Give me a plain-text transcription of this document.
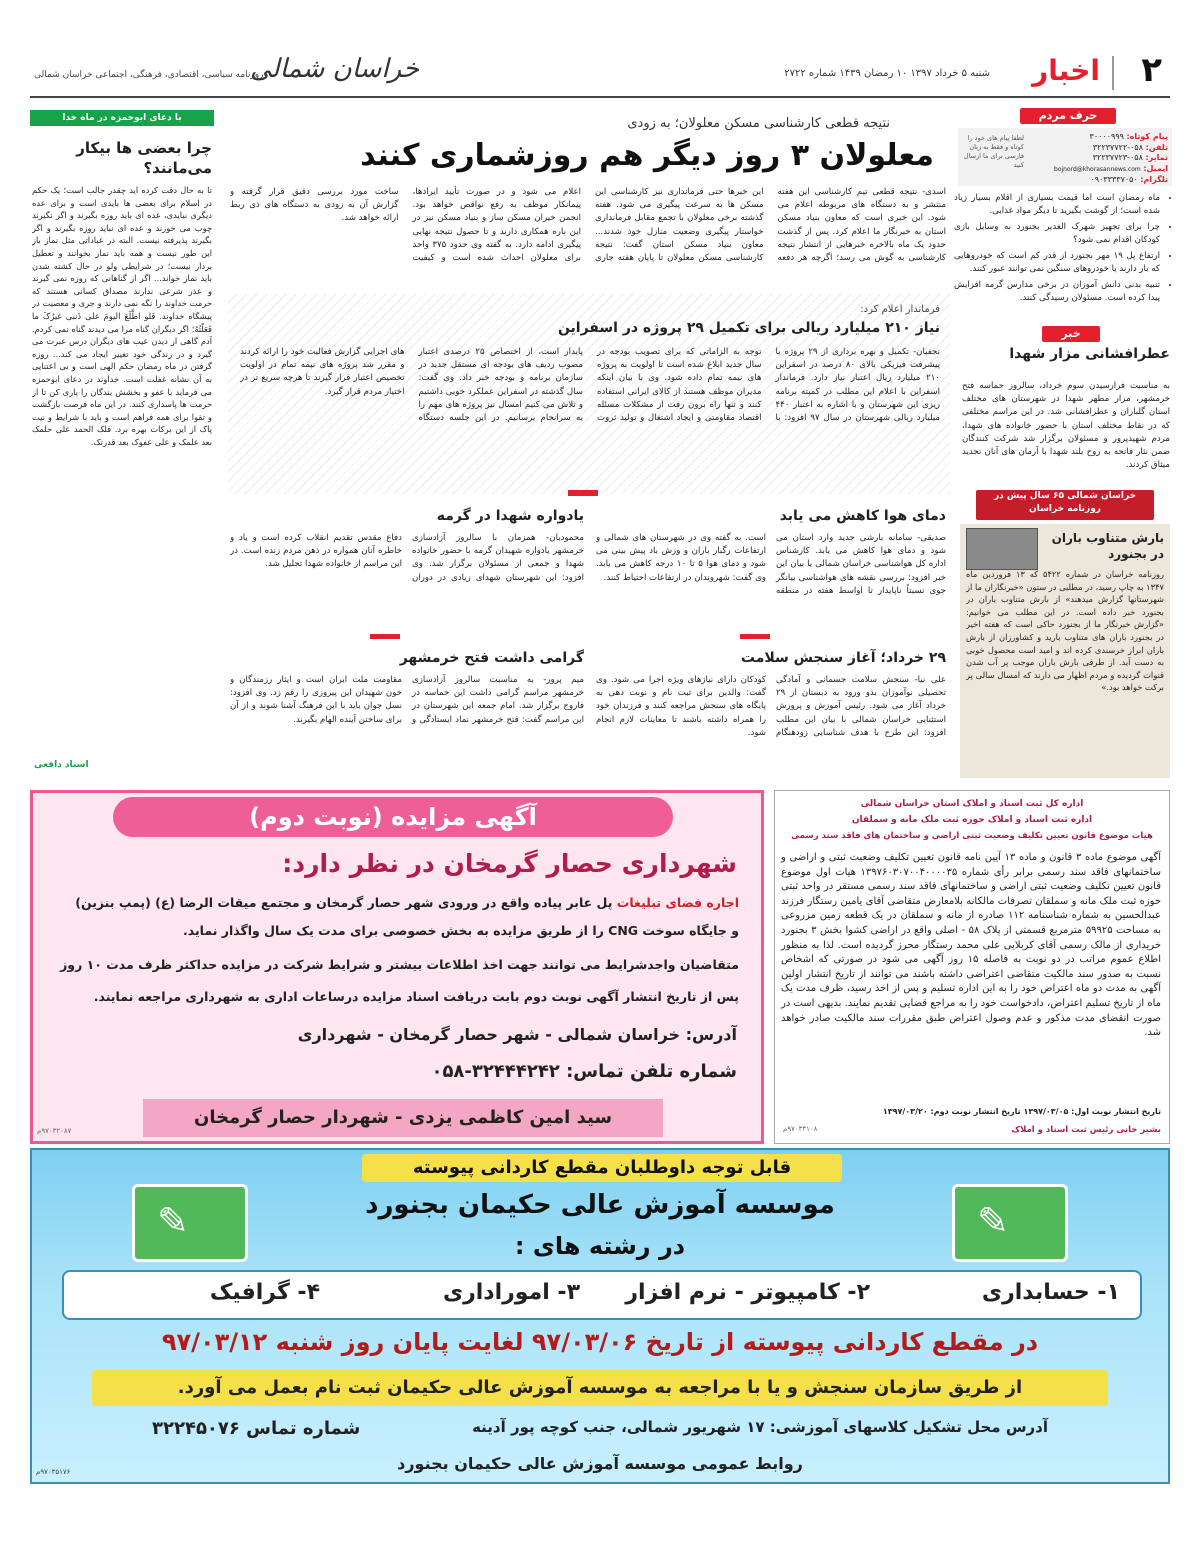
۲
اخبار
شنبه ۵ خرداد ۱۳۹۷ ۱۰ رمضان ۱۴۳۹ شماره ۲۷۲۲
خراسان شمالی
روزنامه سیاسی، اقتصادی، فرهنگی، اجتماعی خراسان شمالی
حرف مردم
پیام کوتاه: ۳۰۰۰۰۹۹۹
تلفن: ۰۵۸-۳۲۲۳۷۷۲۲
تمابر: ۰۵۸-۳۲۲۳۷۷۲۳
ایمیل: bojnord@khorasannews.com
تلگرام: ۰۹۰۳۳۳۳۷۰۵۰
لطفا پیام های خود را کوتاه و فقط به زبان فارسی برای ما ارسال کنید
• ماه رمضان است اما قیمت بسیاری از اقلام بسیار زیاد شده است؛ از گوشت بگیرید تا دیگر مواد غذایی.
• چرا برای تجهیز شهرک الغدیر بجنورد به وسایل بازی کودکان اقدام نمی شود؟
• ارتفاع پل ۱۹ مهر بجنورد از قدر کم است که خودروهایی که بار دارند یا خودروهای سنگین نمی توانند عبور کنند.
• تنبیه بدنی دانش آموزان در برخی مدارس گرمه افزایش پیدا کرده است. مسئولان رسیدگی کنند.
خبر
عطرافشانی مزار شهدا
به مناسبت فرارسیدن سوم خرداد، سالروز حماسه فتح خرمشهر، مزار مطهر شهدا در شهرستان های مختلف استان گلباران و عطرافشانی شد. در این مراسم مختلفی که در نقاط مختلف استان با حضور خانواده های شهدا، مردم شهیدپرور و مسئولان برگزار شد شرکت کنندگان ضمن نثار فاتحه به روح بلند شهدا با آرمان های آنان تجدید میثاق کردند.
خراسان شمالی ۶۵ سال پیش در روزنامه خراسان
بارش متناوب باران در بجنورد
روزنامه خراسان در شماره ۵۴۲۲ که ۱۳ فروردین ماه ۱۳۴۷ به چاپ رسید، در مطلبی در ستون «خبرنگاران ما از شهرستانها گزارش میدهند» از بارش متناوب باران در بجنورد خبر داده است. در این مطلب می خوانیم: «گزارش خبرنگار ما از بجنورد حاکی است که هفته اخیر در بجنورد باران های متناوب بارید و کشاورزان از بارش باران ابراز خرسندی کرده اند و امید است محصول خوبی به دست آید. از طرفی بارش باران موجب پر آب شدن قنوات گردیده و مردم اظهار می دارند که امسال سالی پر برکت خواهد بود.»
با دعای ابوحمزه در ماه خدا
چرا بعضی ها بیکار می‌مانند؟
تا به حال دقت کرده اید چقدر جالب است؛ یک حکم در اسلام برای بعضی ها بایدی است و برای عده دیگری نبایدی، عده ای باید روزه بگیرند و اگر نگیرند چوب می خورند و عده ای نباید روزه بگیرند و اگر بگیرند پذیرفته نیست. البته در عباداتی مثل نماز باز این طور نیست و همه باید نماز بخوانند و تعطیل بردار نیست؛ در شرایطی ولو در حال کشته شدن باید نماز خواند... اگر از گناهانی که روزه نمی گیرند و عذر شرعی ندارند مصداق کسانی هستند که حرمت خداوند را نگه نمی دارند و جری و معصیت در پیشگاه خداوند. فَلو اطَّلَعَ الیومَ علی ذَنبی غیرُکَ ما فَعَلْتُهُ؛ اگر دیگران گناه مرا می دیدند گناه نمی کردم. آدم گاهی از دیدن عیب های دیگران درس عبرت می گیرد و در زندگی خود تغییر ایجاد می کند... روزه گرفتن در ماه رمضان حکم الهی است و بی اعتنایی به آن نشانه غفلت است. خداوند در دعای ابوحمزه می فرماید با عفو و بخشش بندگان را یاری کن تا از حرمت ها پاسداری کنند. در این ماه فرصت بازگشت و تقوا برای همه فراهم است و باید با شرایط و نیت پاک از این برکات بهره برد. فلک الحمد علی حلمک بعد علمک و علی عفوک بعد قدرتک.
استاد دافعی
نتیجه قطعی کارشناسی مسکن معلولان؛ به زودی
معلولان ۳ روز دیگر هم روزشماری کنند
اسدی- نتیجه قطعی تیم کارشناسی این هفته منتشر و به دستگاه های مربوطه اعلام می شود. این خبری است که معاون بنیاد مسکن استان به خبرنگار ما اعلام کرد. پس از گذشت حدود یک ماه بالاخره خبرهایی از انتشار نتیجه کارشناسی به گوش می رسد؛ اگرچه هر دفعه این خبرها حتی فرمانداری نیز کارشناسی این مسکن ها به سرعت پیگیری می شود. هفته گذشته برخی معلولان با تجمع مقابل فرمانداری خواستار پیگیری وضعیت منازل خود شدند... معاون بنیاد مسکن استان گفت: نتیجه کارشناسی مسکن معلولان تا پایان هفته جاری اعلام می شود و در صورت تأیید ایرادها، پیمانکار موظف به رفع نواقص خواهد بود. انجمن خیران مسکن ساز و بنیاد مسکن نیز در این باره همکاری دارند و تا حصول نتیجه نهایی پیگیری ادامه دارد. به گفته وی حدود ۳۷۵ واحد برای معلولان احداث شده است و کیفیت ساخت مورد بررسی دقیق قرار گرفته و گزارش آن به زودی به دستگاه های ذی ربط ارائه خواهد شد.
فرماندار اعلام کرد:
نیاز ۲۱۰ میلیارد ریالی برای تکمیل ۲۹ پروژه در اسفراین
نجفیان- تکمیل و بهره برداری از ۲۹ پروژه با پیشرفت فیزیکی بالای ۸۰ درصد در اسفراین ۲۱۰ میلیارد ریال اعتبار نیاز دارد. فرماندار اسفراین با اعلام این مطلب در کمیته برنامه ریزی این شهرستان و با اشاره به اعتبار ۴۴۰ میلیارد ریالی شهرستان در سال ۹۷ افزود: با توجه به الزاماتی که برای تصویب بودجه در سال جدید ابلاغ شده است تا اولویت به پروژه های نیمه تمام داده شود. وی با بیان اینکه مدیران موظف هستند از کالای ایرانی استفاده کنند و تنها راه برون رفت از مشکلات مسئله اقتصاد مقاومتی و ایجاد اشتغال و تولید ثروت پایدار است، از اختصاص ۲۵ درصدی اعتبار مصوب ردیف های بودجه ای مستقل جدید در سازمان برنامه و بودجه خبر داد. وی گفت: سال گذشته در اسفراین عملکرد خوبی داشتیم و تلاش می کنیم امسال نیز پروژه های مهم را به سرانجام برسانیم. در این جلسه دستگاه های اجرایی گزارش فعالیت خود را ارائه کردند و مقرر شد پروژه های نیمه تمام در اولویت تخصیص اعتبار قرار گیرند تا هرچه سریع تر در اختیار مردم قرار گیرد.
دمای هوا کاهش می یابد
صدیقی- سامانه بارشی جدید وارد استان می شود و دمای هوا کاهش می یابد. کارشناس اداره کل هواشناسی خراسان شمالی با بیان این خبر افزود: بررسی نقشه های هواشناسی بیانگر جوی نسبتاً ناپایدار تا اواسط هفته در منطقه است. به گفته وی در شهرستان های شمالی و ارتفاعات رگبار باران و وزش باد پیش بینی می شود و دمای هوا ۵ تا ۱۰ درجه کاهش می یابد. وی گفت: شهروندان در ارتفاعات احتیاط کنند.
یادواره شهدا در گرمه
محمودیان- همزمان با سالروز آزادسازی خرمشهر یادواره شهیدان گرمه با حضور خانواده شهدا و جمعی از مسئولان برگزار شد. وی افزود: این شهرستان شهدای زیادی در دوران دفاع مقدس تقدیم انقلاب کرده است و یاد و خاطره آنان همواره در ذهن مردم زنده است. در این مراسم از خانواده شهدا تجلیل شد.
۲۹ خرداد؛ آغاز سنجش سلامت
علی نیا- سنجش سلامت جسمانی و آمادگی تحصیلی نوآموزان بدو ورود به دبستان از ۲۹ خرداد آغاز می شود. رئیس آموزش و پرورش استثنایی خراسان شمالی با بیان این مطلب افزود: این طرح با هدف شناسایی زودهنگام کودکان دارای نیازهای ویژه اجرا می شود. وی گفت: والدین برای ثبت نام و نوبت دهی به پایگاه های سنجش مراجعه کنند و فرزندان خود را همراه داشته باشند تا معاینات لازم انجام شود.
گرامی داشت فتح خرمشهر
میم پرور- به مناسبت سالروز آزادسازی خرمشهر مراسم گرامی داشت این حماسه در فاروج برگزار شد. امام جمعه این شهرستان در این مراسم گفت: فتح خرمشهر نماد ایستادگی و مقاومت ملت ایران است و ایثار رزمندگان و خون شهیدان این پیروزی را رقم زد. وی افزود: نسل جوان باید با این فرهنگ آشنا شوند و از آن برای ساختن آینده الهام بگیرند.
آگهی مزایده (نوبت دوم)
شهرداری حصار گرمخان در نظر دارد:
اجاره فضای تبلیغات پل عابر پیاده واقع در ورودی شهر حصار گرمخان و مجتمع میقات الرضا (ع) (پمپ بنزین)
و جایگاه سوخت CNG را از طریق مزایده به بخش خصوصی برای مدت یک سال واگذار نماید.
متقاضیان واجدشرایط می توانند جهت اخذ اطلاعات بیشتر و شرایط شرکت در مزایده حداکثر ظرف مدت ۱۰ روز
پس از تاریخ انتشار آگهی نوبت دوم بابت دریافت اسناد مزایده درساعات اداری به شهرداری مراجعه نمایند.
آدرس: خراسان شمالی - شهر حصار گرمخان - شهرداری
شماره تلفن تماس: ۳۲۴۴۴۲۴۲-۰۵۸
سید امین کاظمی یزدی - شهردار حصار گرمخان
۹۷۰۳۲۰۸۷م
اداره کل ثبت اسناد و املاک استان خراسان شمالی
اداره ثبت اسناد و املاک حوزه ثبت ملک مانه و سملقان
هیات موضوع قانون تعیین تکلیف وضعیت ثبتی اراضی و ساختمان های فاقد سند رسمی
آگهی موضوع ماده ۳ قانون و ماده ۱۳ آیین نامه قانون تعیین تکلیف وضعیت ثبتی و اراضی و ساختمانهای فاقد سند رسمی برابر رأی شماره ۱۳۹۷۶۰۳۰۷۰۰۴۰۰۰۰۳۵ هیات اول موضوع قانون تعیین تکلیف وضعیت ثبتی اراضی و ساختمانهای فاقد سند رسمی مستقر در واحد ثبتی حوزه ثبت ملک مانه و سملقان تصرفات مالکانه بلامعارض متقاضی آقای یامین رستگار فرزند عبدالحسین به شماره شناسنامه ۱۱۲ صادره از مانه و سملقان در یک قطعه زمین مزروعی به مساحت ۵۹۹۲۵ مترمربع قسمتی از پلاک ۵۸ - اصلی واقع در اراضی کشوا بخش ۳ بجنورد خریداری از مالک رسمی آقای کربلایی علی محمد رستگار محرز گردیده است. لذا به منظور اطلاع عموم مراتب در دو نوبت به فاصله ۱۵ روز آگهی می شود در صورتی که اشخاص نسبت به صدور سند مالکیت متقاضی اعتراضی داشته باشند می توانند از تاریخ انتشار اولین آگهی به مدت دو ماه اعتراض خود را به این اداره تسلیم و پس از اخذ رسید، ظرف مدت یک ماه از تاریخ تسلیم اعتراض، دادخواست خود را به مراجع قضایی تقدیم نمایند. بدیهی است در صورت انقضای مدت مذکور و عدم وصول اعتراض طبق مقررات سند مالکیت صادر خواهد شد.
تاریخ انتشار نوبت اول: ۱۳۹۷/۰۳/۰۵ تاریخ انتشار نوبت دوم: ۱۳۹۷/۰۳/۲۰
بشیر خانی رئیس ثبت اسناد و املاک
۹۷۰۳۴۱۰۸م
قابل توجه داوطلبان مقطع کاردانی پیوسته
✎
✎	موسسه آموزش عالی حکیمان بجنورد
در رشته های :
۱- حسابداری
۲- کامپیوتر - نرم افزار
۳- اموراداری
۴- گرافیک
در مقطع کاردانی پیوسته از تاریخ ۹۷/۰۳/۰۶ لغایت پایان روز شنبه ۹۷/۰۳/۱۲
از طریق سازمان سنجش و یا با مراجعه به موسسه آموزش عالی حکیمان ثبت نام بعمل می آورد.
آدرس محل تشکیل کلاسهای آموزشی: ۱۷ شهریور شمالی، جنب کوچه پور آدینه
شماره تماس ۳۲۲۴۵۰۷۶
روابط عمومی موسسه آموزش عالی حکیمان بجنورد
۹۷۰۳۵۱۷۶م
